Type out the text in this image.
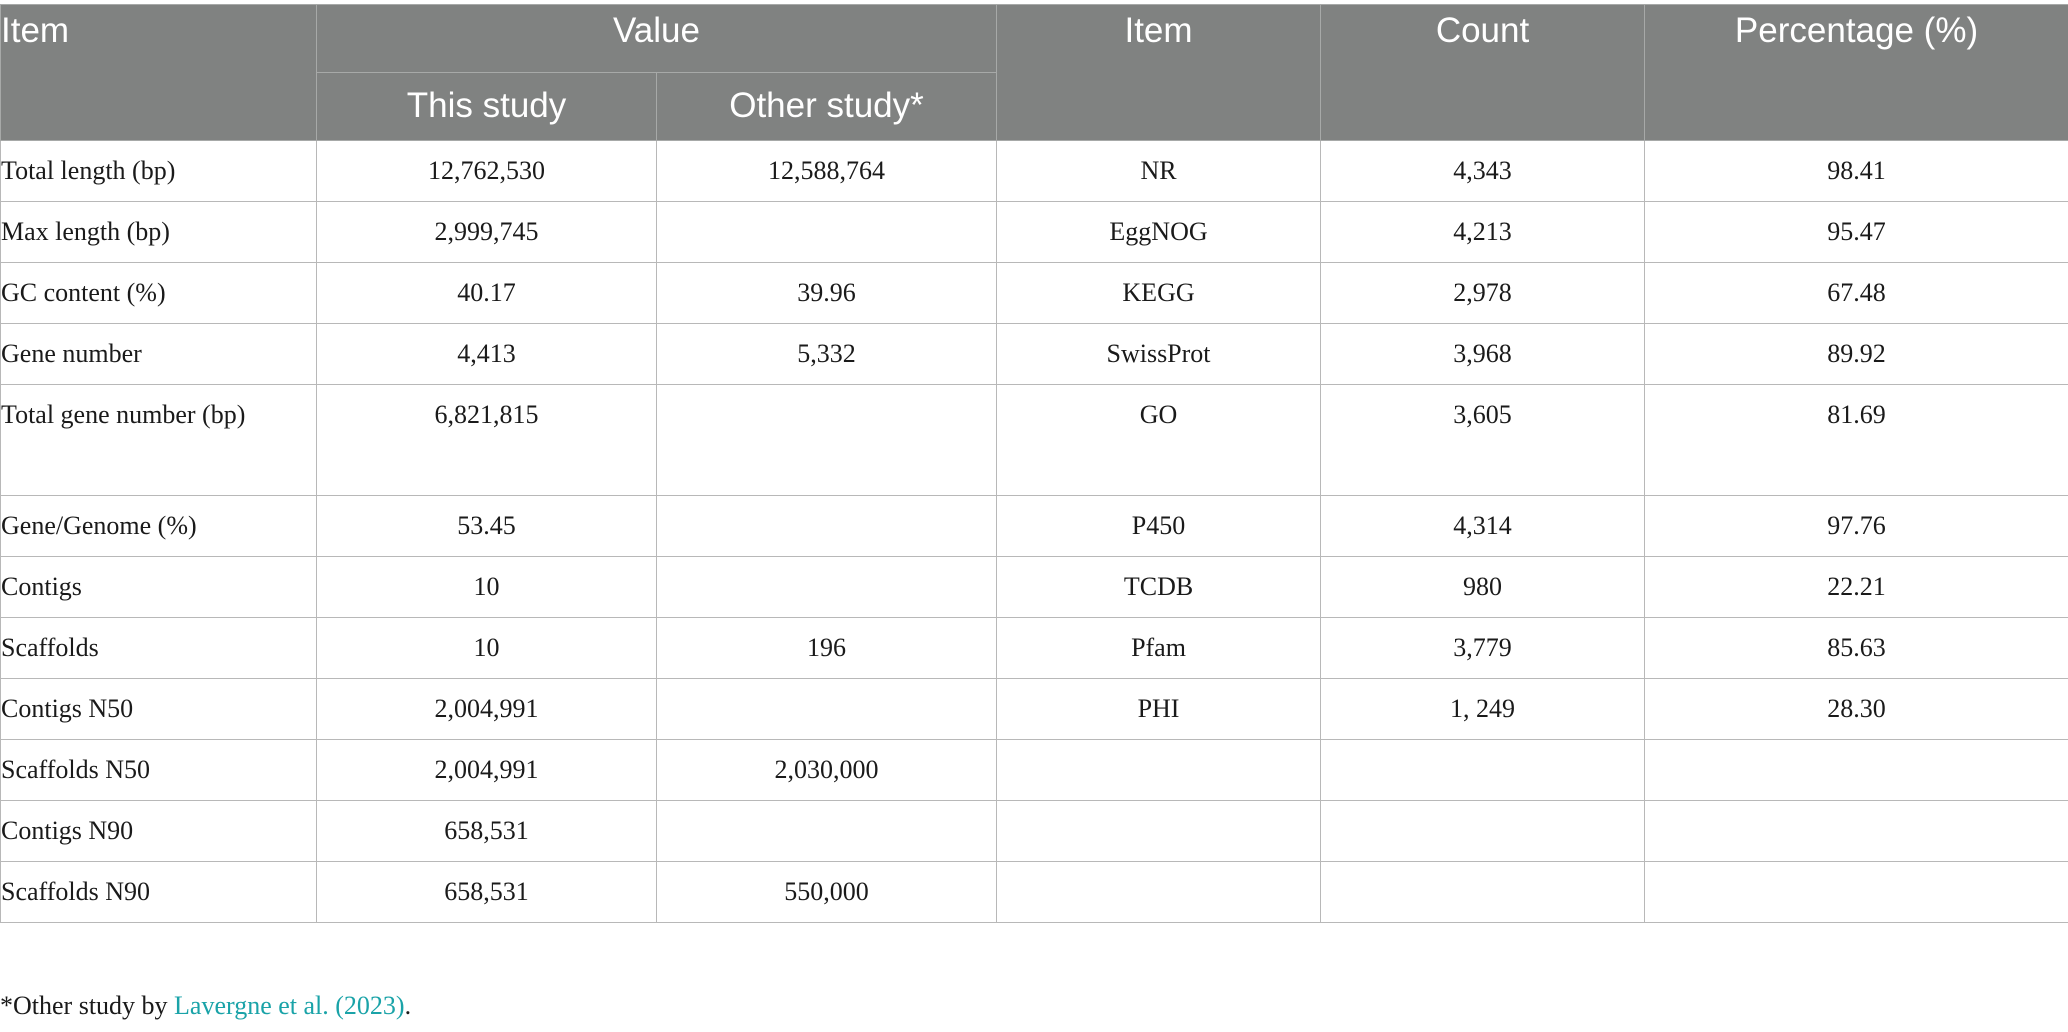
Item	Value		Item	Count	Percentage (%)
	This study	Other study*			
Total length (bp)	12,762,530	12,588,764	NR	4,343	98.41
Max length (bp)	2,999,745		EggNOG	4,213	95.47
GC content (%)	40.17	39.96	KEGG	2,978	67.48
Gene number	4,413	5,332	SwissProt	3,968	89.92
Total gene number (bp)	6,821,815		GO	3,605	81.69
Gene/Genome (%)	53.45		P450	4,314	97.76
Contigs	10		TCDB	980	22.21
Scaffolds	10	196	Pfam	3,779	85.63
Contigs N50	2,004,991		PHI	1, 249	28.30
Scaffolds N50	2,004,991	2,030,000			
Contigs N90	658,531				
Scaffolds N90	658,531	550,000			
*Other study by Lavergne et al. (2023).
